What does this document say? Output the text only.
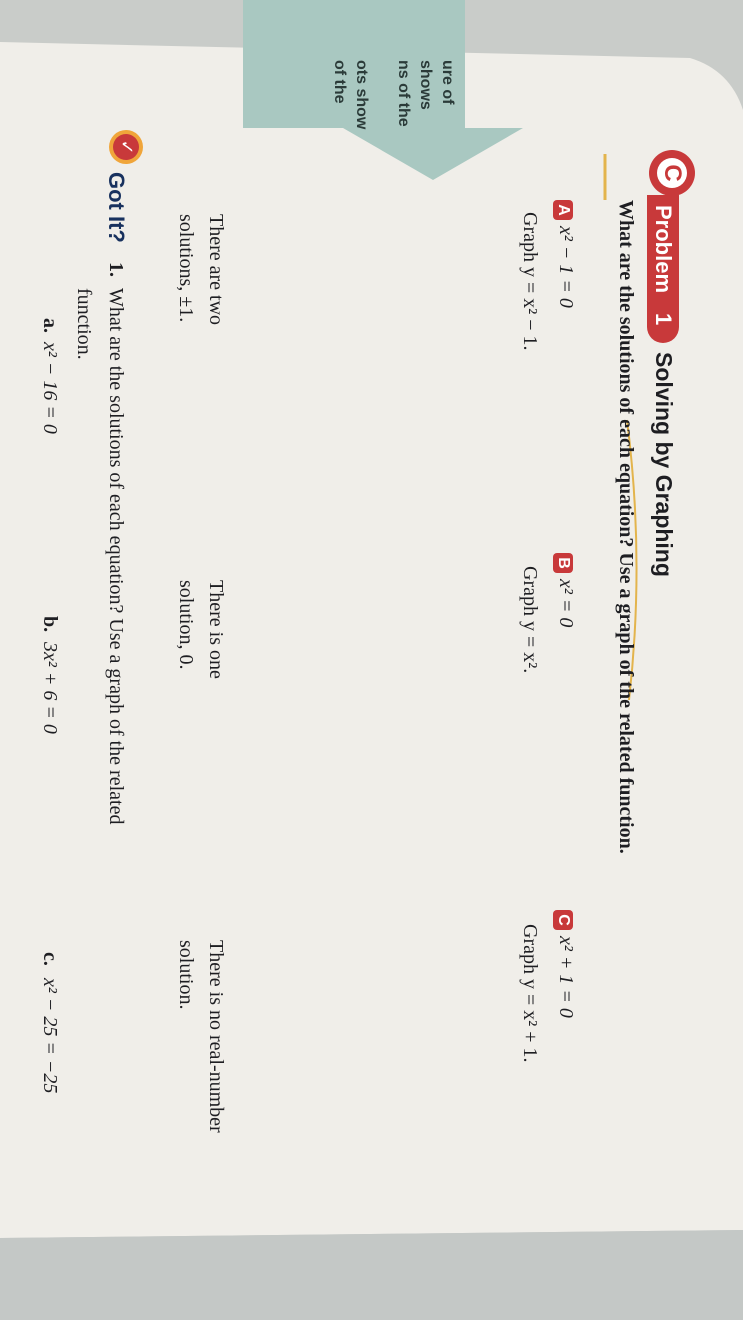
ure of
shows
ns of the
ots show
of the
C
Problem
1
Solving by Graphing
What are the solutions of each equation? Use a graph of the related function.
A
x² − 1 = 0
Graph y = x² − 1.
There are two
solutions, ±1.
B
x² = 0
Graph y = x².
There is one
solution, 0.
C
x² + 1 = 0
Graph y = x² + 1.
There is no real-number
solution.
✓
Got It?
1.
What are the solutions of each equation? Use a graph of the related
function.
a.
x² − 16 = 0
b.
3x² + 6 = 0
c.
x² − 25 = −25
